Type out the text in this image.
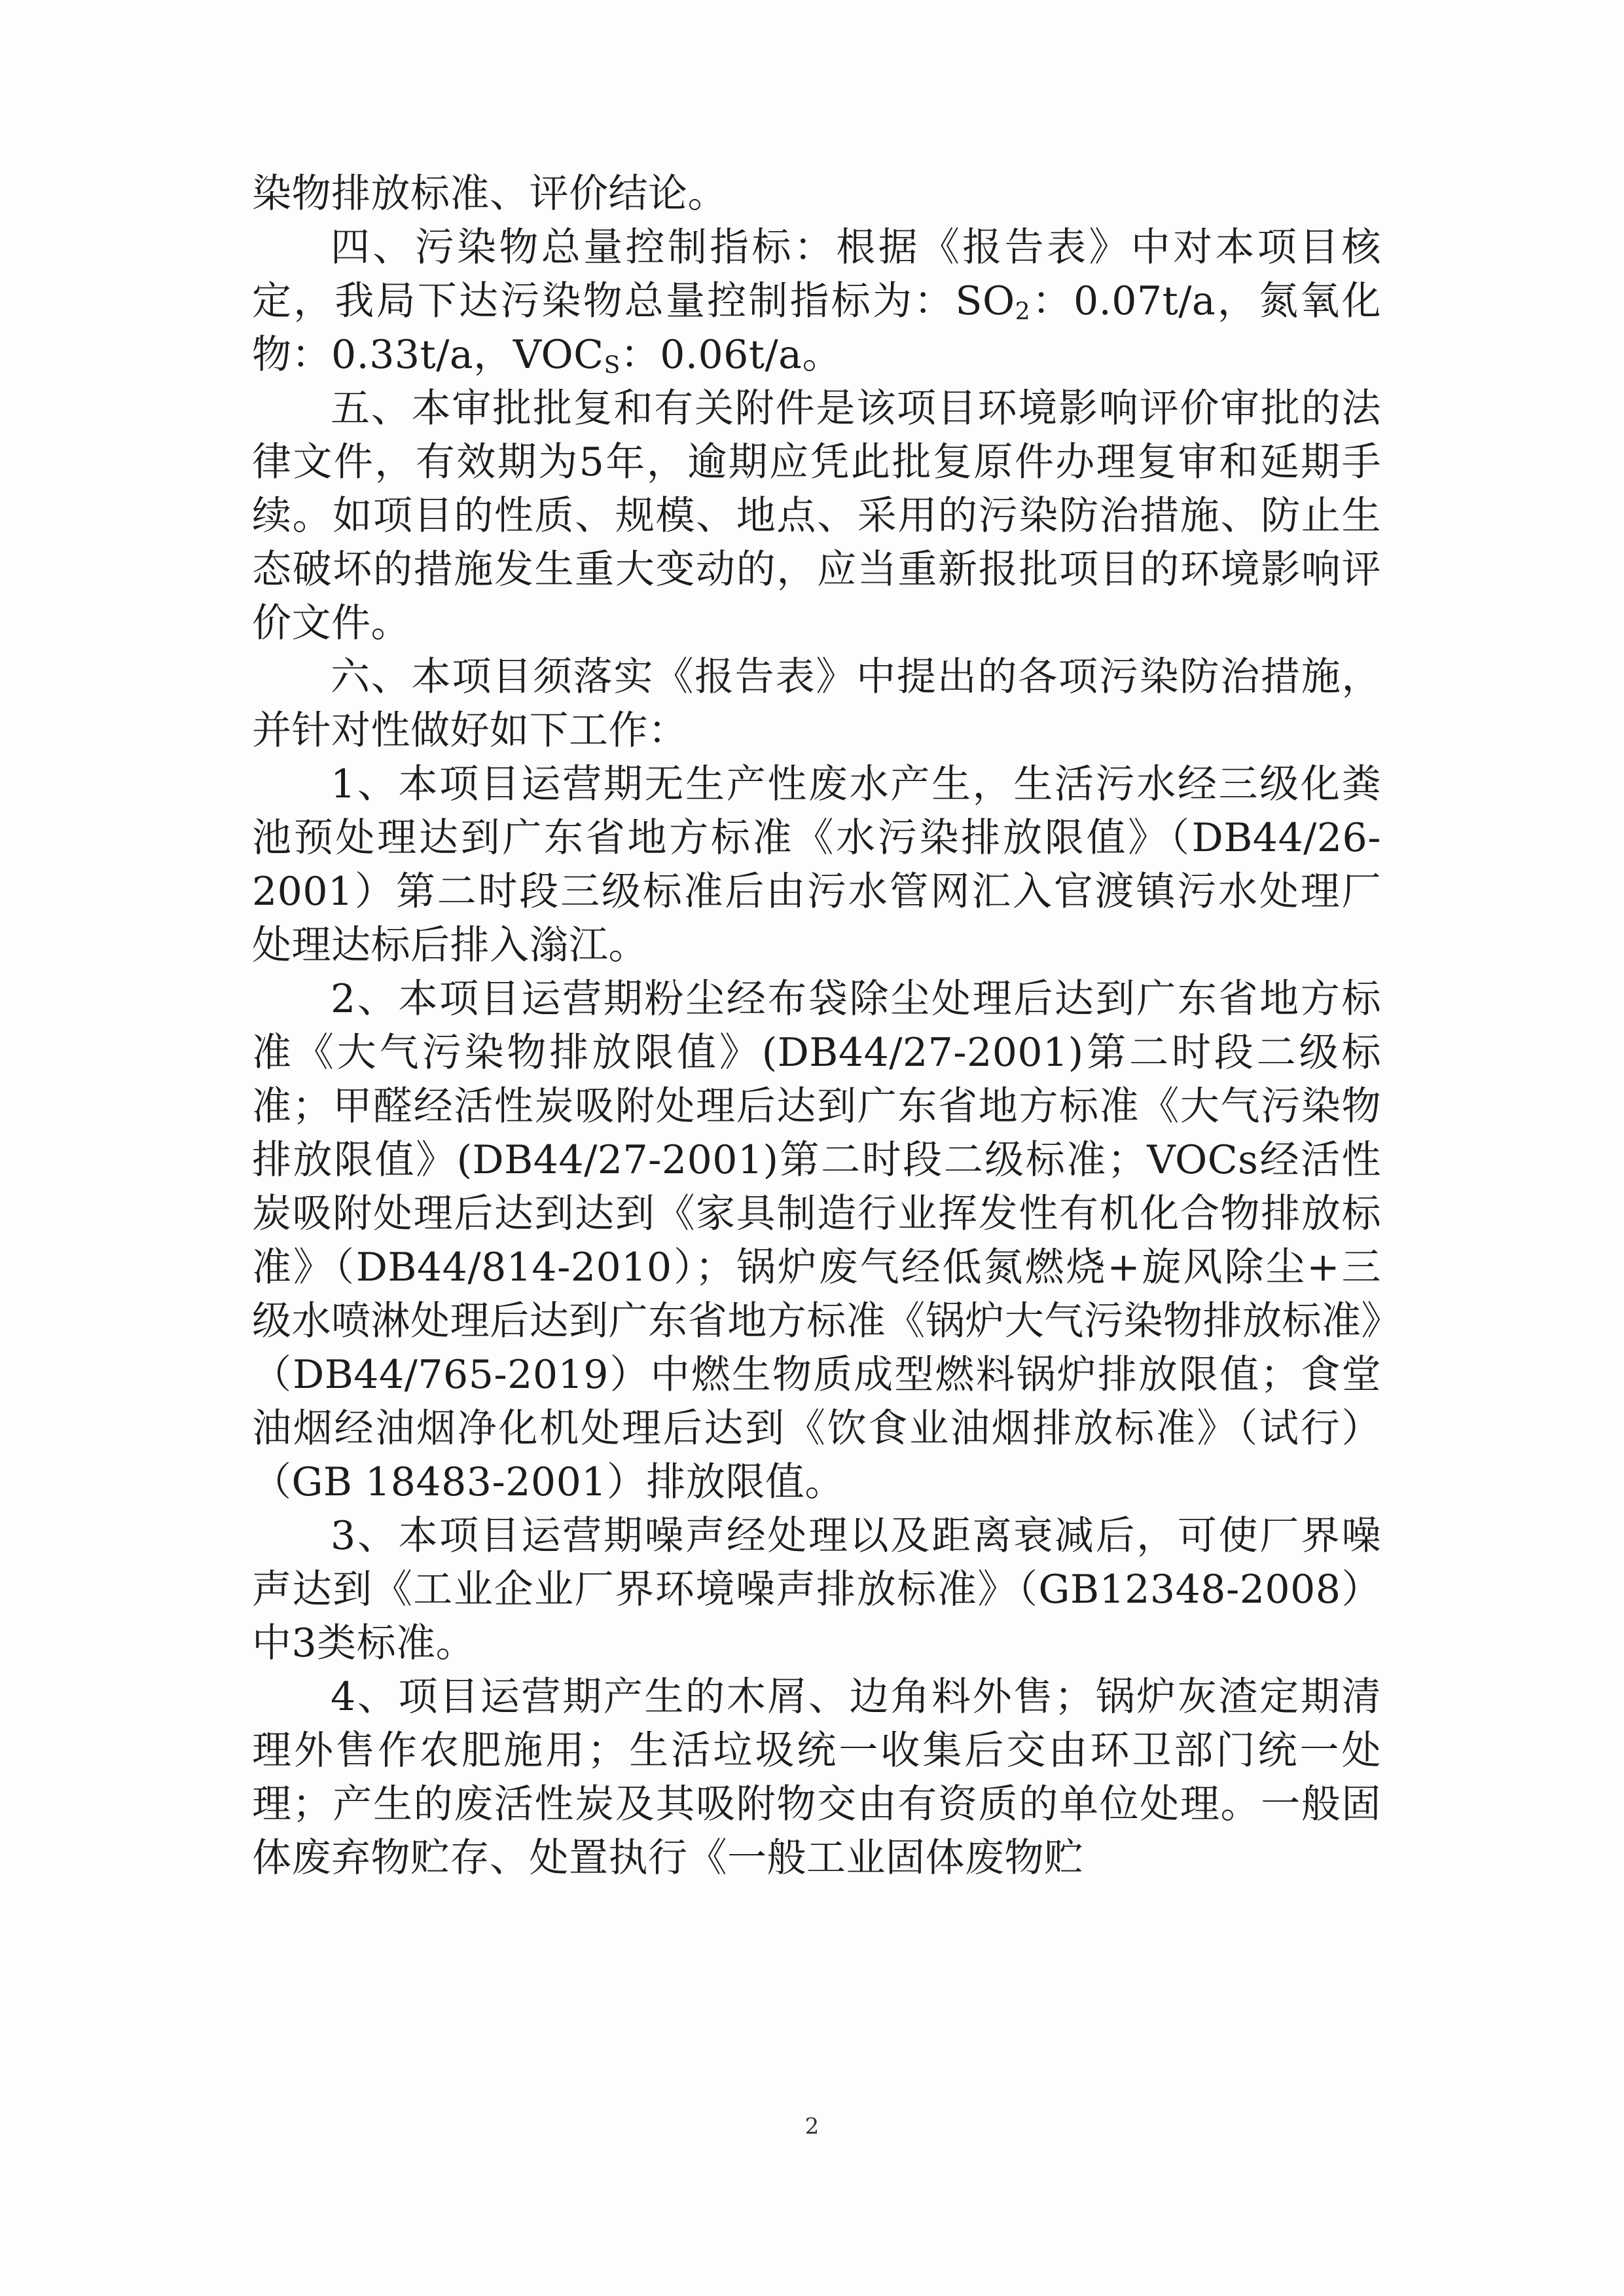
染物排放标准、评价结论。

四、污染物总量控制指标：根据《报告表》中对本项目核定，我局下达污染物总量控制指标为：$SO_2$：0.07t/a，氮氧化物：0.33t/a，$VOC_S$：0.06t/a。

五、本审批批复和有关附件是该项目环境影响评价审批的法律文件，有效期为5年，逾期应凭此批复原件办理复审和延期手续。如项目的性质、规模、地点、采用的污染防治措施、防止生态破坏的措施发生重大变动的，应当重新报批项目的环境影响评价文件。

六、本项目须落实《报告表》中提出的各项污染防治措施，并针对性做好如下工作：

1、本项目运营期无生产性废水产生，生活污水经三级化粪池预处理达到广东省地方标准《水污染排放限值》（DB44/26-2001）第二时段三级标准后由污水管网汇入官渡镇污水处理厂处理达标后排入滃江。

2、本项目运营期粉尘经布袋除尘处理后达到广东省地方标准《大气污染物排放限值》(DB44/27-2001)第二时段二级标准；甲醛经活性炭吸附处理后达到广东省地方标准《大气污染物排放限值》(DB44/27-2001)第二时段二级标准；VOCs经活性炭吸附处理后达到达到《家具制造行业挥发性有机化合物排放标准》（DB44/814-2010）；锅炉废气经低氮燃烧+旋风除尘+三级水喷淋处理后达到广东省地方标准《锅炉大气污染物排放标准》（DB44/765-2019）中燃生物质成型燃料锅炉排放限值；食堂油烟经油烟净化机处理后达到《饮食业油烟排放标准》（试行）（GB 18483-2001）排放限值。

3、本项目运营期噪声经处理以及距离衰减后，可使厂界噪声达到《工业企业厂界环境噪声排放标准》（GB12348-2008）中3类标准。

4、项目运营期产生的木屑、边角料外售；锅炉灰渣定期清理外售作农肥施用；生活垃圾统一收集后交由环卫部门统一处理；产生的废活性炭及其吸附物交由有资质的单位处理。一般固体废弃物贮存、处置执行《一般工业固体废物贮

2
